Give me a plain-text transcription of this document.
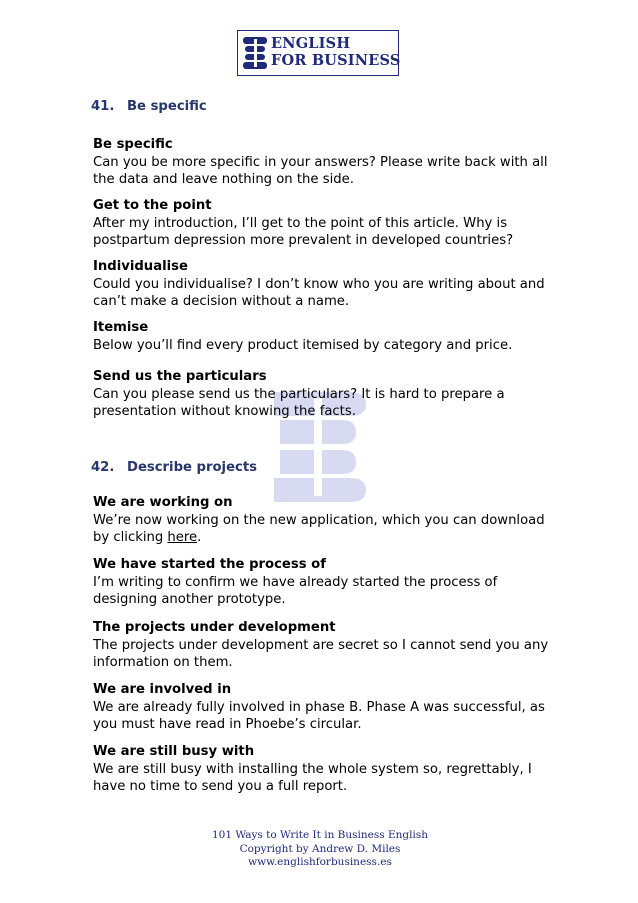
ENGLISH
FOR BUSINESS
41. Be specific
Be specific

Can you be more specific in your answers? Please write back with all the data and leave nothing on the side.

Get to the point

After my introduction, I’ll get to the point of this article. Why is postpartum depression more prevalent in developed countries?

Individualise

Could you individualise? I don’t know who you are writing about and can’t make a decision without a name.

Itemise

Below you’ll find every product itemised by category and price.

Send us the particulars

Can you please send us the particulars? It is hard to prepare a presentation without knowing the facts.

42. Describe projects
We are working on

We’re now working on the new application, which you can download by clicking here.

We have started the process of

I’m writing to confirm we have already started the process of designing another prototype.

The projects under development

The projects under development are secret so I cannot send you any information on them.

We are involved in

We are already fully involved in phase B. Phase A was successful, as you must have read in Phoebe’s circular.

We are still busy with

We are still busy with installing the whole system so, regrettably, I have no time to send you a full report.

101 Ways to Write It in Business English
Copyright by Andrew D. Miles
www.englishforbusiness.es
